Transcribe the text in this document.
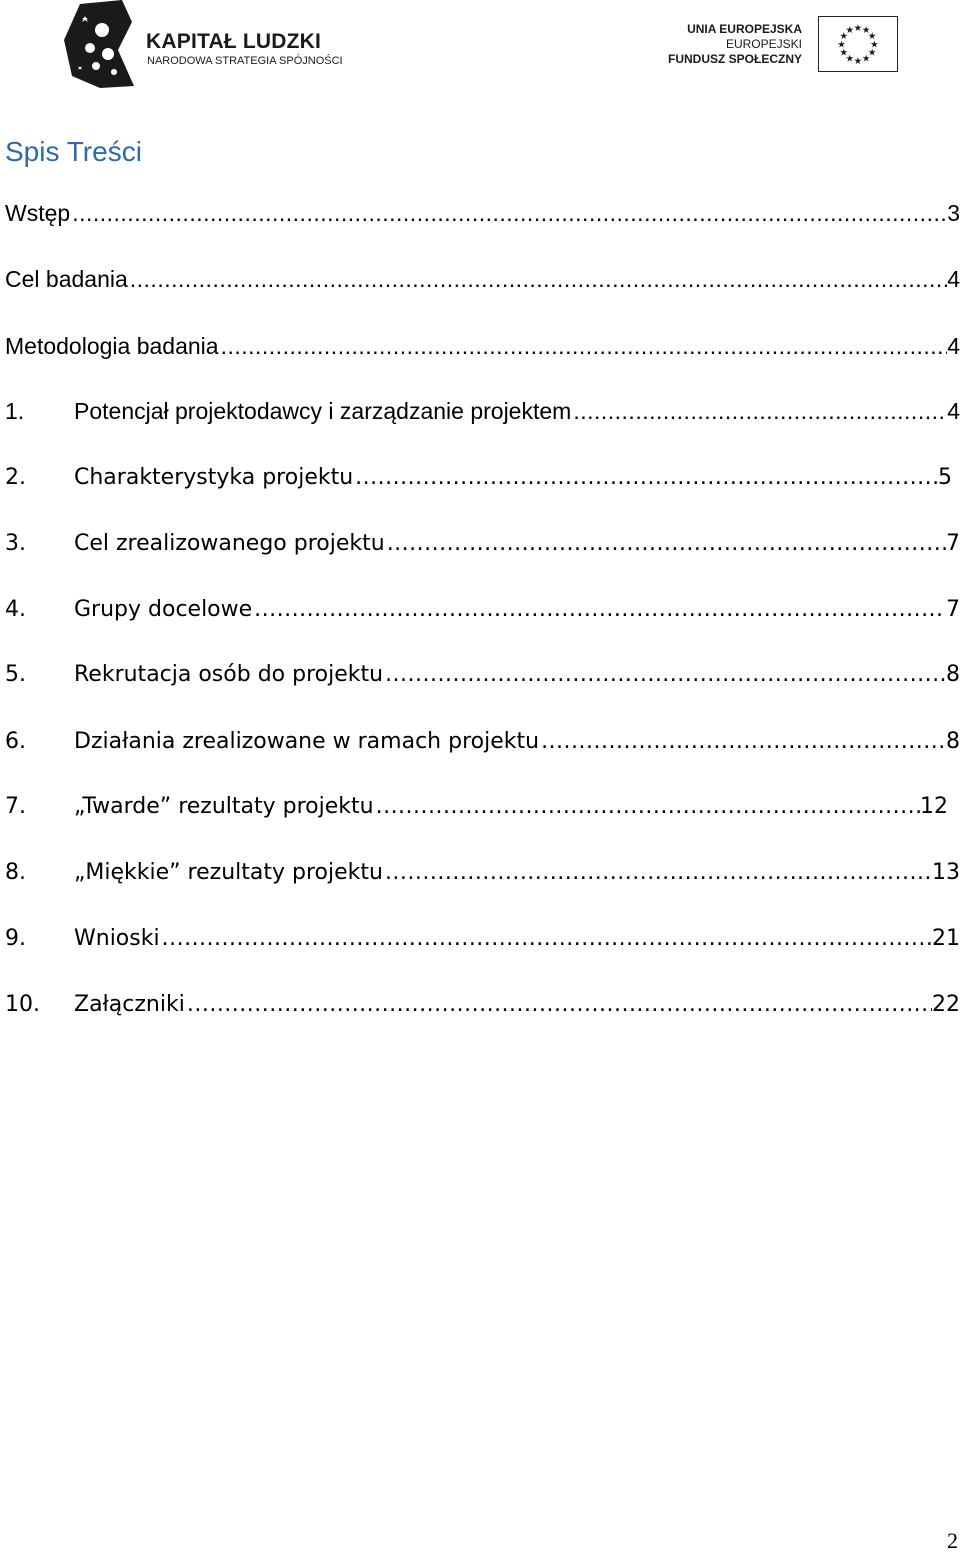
KAPITAŁ LUDZKI
NARODOWA STRATEGIA SPÓJNOŚCI
UNIA EUROPEJSKA
EUROPEJSKI
FUNDUSZ SPOŁECZNY
★ ★
★
★
★
★
★
★
★
★
★
★
Spis Treści
Wstęp .....	3
Cel badania .....	4
Metodologia badania .....	4
1.	Potencjał projektodawcy i zarządzanie projektem .....	4
2.	Charakterystyka projektu .....	5
3.	Cel zrealizowanego projektu .....	7
4.	Grupy docelowe .....	7
5.	Rekrutacja osób do projektu .....	8
6.	Działania zrealizowane w ramach projektu .....	8
7.	„Twarde” rezultaty projektu .....	12
8.	„Miękkie” rezultaty projektu .....	13
9.	Wnioski .....	21
10.	Załączniki .....	22
2
